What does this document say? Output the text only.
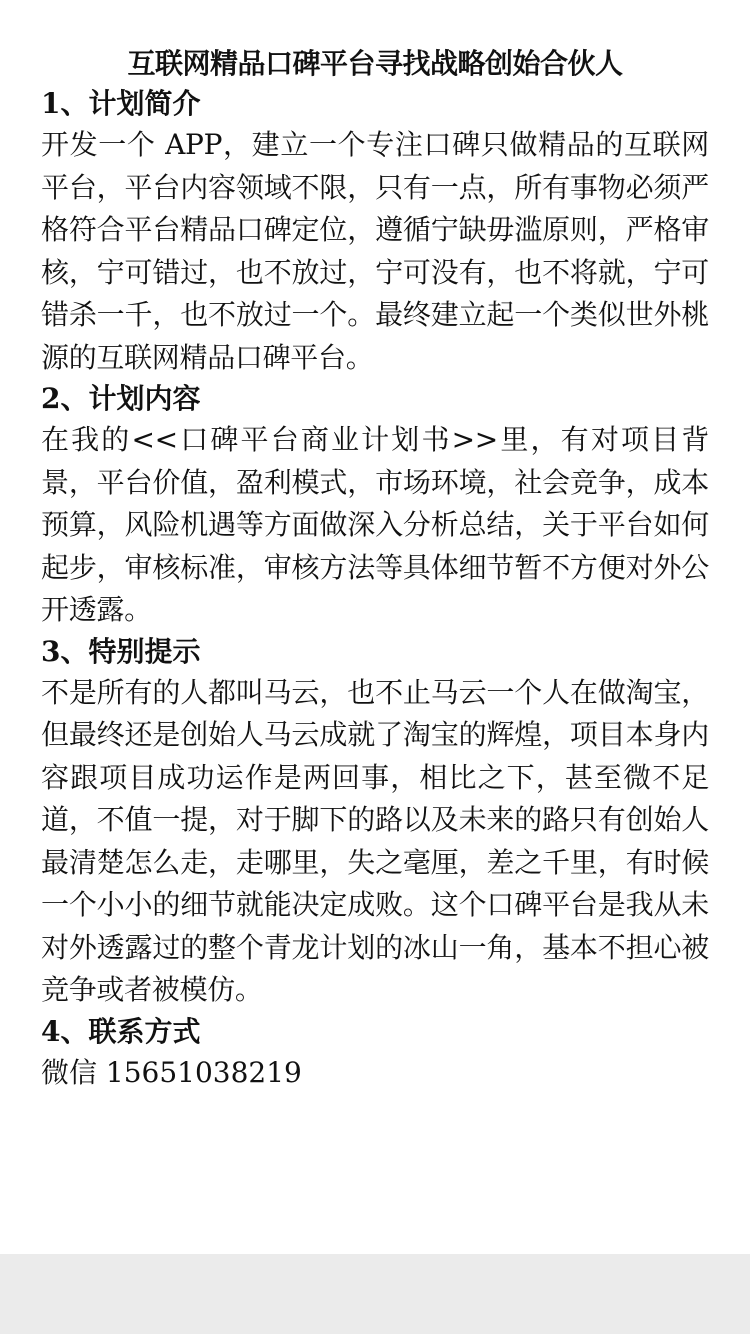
互联网精品口碑平台寻找战略创始合伙人
1、计划简介

开发一个 APP，建立一个专注口碑只做精品的互联网平台，平台内容领域不限，只有一点，所有事物必须严格符合平台精品口碑定位，遵循宁缺毋滥原则，严格审核，宁可错过，也不放过，宁可没有，也不将就，宁可错杀一千，也不放过一个。最终建立起一个类似世外桃源的互联网精品口碑平台。

2、计划内容

在我的<<口碑平台商业计划书>>里，有对项目背景，平台价值，盈利模式，市场环境，社会竞争，成本预算，风险机遇等方面做深入分析总结，关于平台如何起步，审核标准，审核方法等具体细节暂不方便对外公开透露。

3、特别提示

不是所有的人都叫马云，也不止马云一个人在做淘宝，但最终还是创始人马云成就了淘宝的辉煌，项目本身内容跟项目成功运作是两回事，相比之下，甚至微不足道，不值一提，对于脚下的路以及未来的路只有创始人最清楚怎么走，走哪里，失之毫厘，差之千里，有时候一个小小的细节就能决定成败。这个口碑平台是我从未对外透露过的整个青龙计划的冰山一角，基本不担心被竞争或者被模仿。

4、联系方式

微信 15651038219
